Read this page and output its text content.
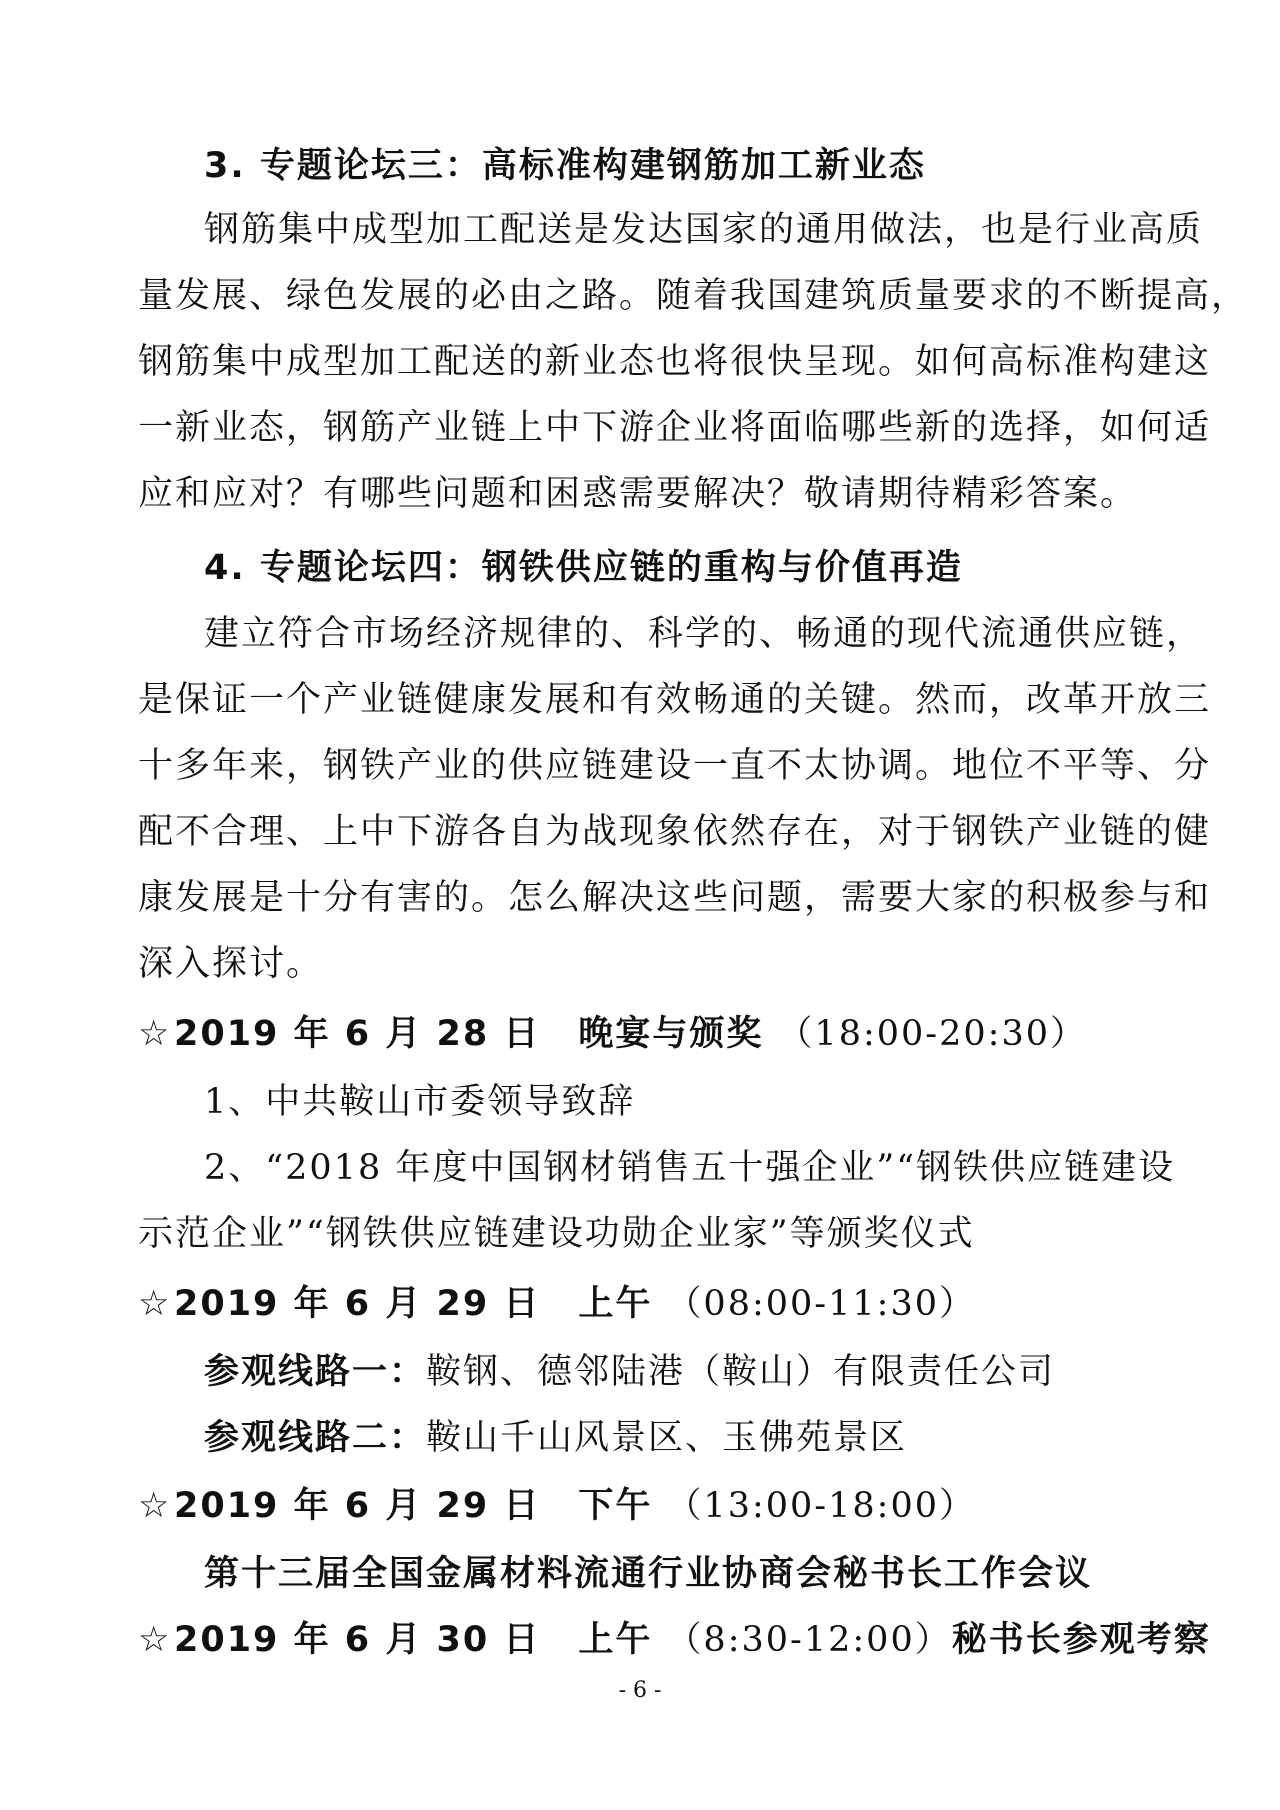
3. 专题论坛三：高标准构建钢筋加工新业态
钢筋集中成型加工配送是发达国家的通用做法，也是行业高质
量发展、绿色发展的必由之路。随着我国建筑质量要求的不断提高，
钢筋集中成型加工配送的新业态也将很快呈现。如何高标准构建这
一新业态，钢筋产业链上中下游企业将面临哪些新的选择，如何适
应和应对？有哪些问题和困惑需要解决？敬请期待精彩答案。
4. 专题论坛四：钢铁供应链的重构与价值再造
建立符合市场经济规律的、科学的、畅通的现代流通供应链，
是保证一个产业链健康发展和有效畅通的关键。然而，改革开放三
十多年来，钢铁产业的供应链建设一直不太协调。地位不平等、分
配不合理、上中下游各自为战现象依然存在，对于钢铁产业链的健
康发展是十分有害的。怎么解决这些问题，需要大家的积极参与和
深入探讨。
☆2019 年 6 月 28 日 晚宴与颁奖 （18:00-20:30）
1、中共鞍山市委领导致辞
2、“2018 年度中国钢材销售五十强企业”“钢铁供应链建设
示范企业”“钢铁供应链建设功勋企业家”等颁奖仪式
☆2019 年 6 月 29 日 上午 （08:00-11:30）
参观线路一：鞍钢、德邻陆港（鞍山）有限责任公司
参观线路二：鞍山千山风景区、玉佛苑景区
☆2019 年 6 月 29 日 下午 （13:00-18:00）
第十三届全国金属材料流通行业协商会秘书长工作会议
☆2019 年 6 月 30 日 上午 （8:30-12:00）秘书长参观考察
- 6 -
